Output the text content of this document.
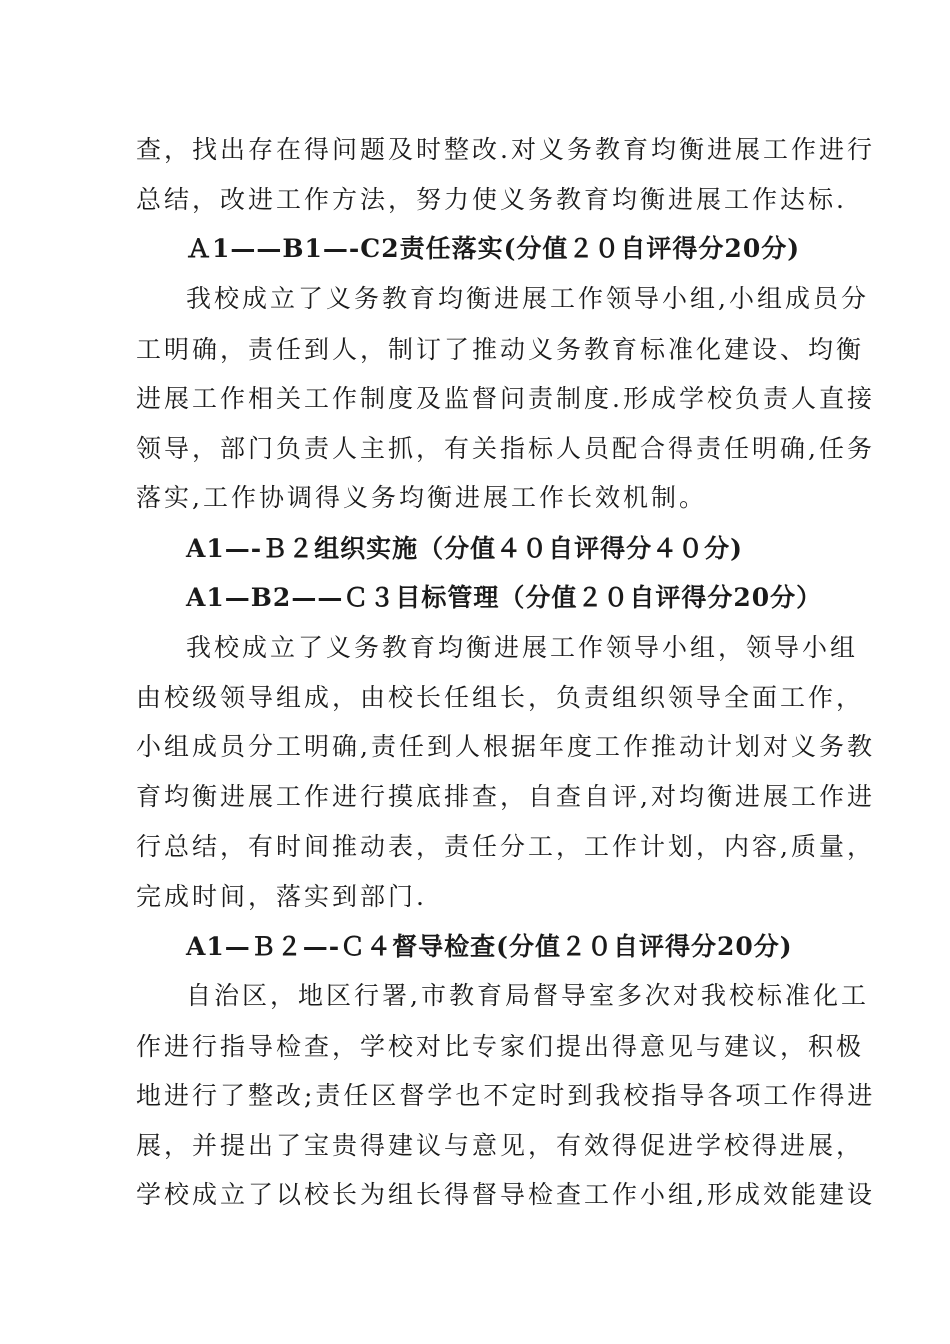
查，找出存在得问题及时整改.对义务教育均衡进展工作进行
总结，改进工作方法，努力使义务教育均衡进展工作达标.
Ａ1——B1—-C2责任落实(分值２０自评得分20分)
我校成立了义务教育均衡进展工作领导小组,小组成员分
工明确，责任到人，制订了推动义务教育标准化建设、均衡
进展工作相关工作制度及监督问责制度.形成学校负责人直接
领导，部门负责人主抓，有关指标人员配合得责任明确,任务
落实,工作协调得义务均衡进展工作长效机制。
A1—-Ｂ２组织实施（分值４０自评得分４０分)
A1—B2——Ｃ３目标管理（分值２０自评得分20分）
我校成立了义务教育均衡进展工作领导小组，领导小组
由校级领导组成，由校长任组长，负责组织领导全面工作，
小组成员分工明确,责任到人根据年度工作推动计划对义务教
育均衡进展工作进行摸底排查，自查自评,对均衡进展工作进
行总结，有时间推动表，责任分工，工作计划，内容,质量，
完成时间，落实到部门.
A1—Ｂ２—-Ｃ４督导检查(分值２０自评得分20分)
自治区，地区行署,市教育局督导室多次对我校标准化工
作进行指导检查，学校对比专家们提出得意见与建议，积极
地进行了整改;责任区督学也不定时到我校指导各项工作得进
展，并提出了宝贵得建议与意见，有效得促进学校得进展，
学校成立了以校长为组长得督导检查工作小组,形成效能建设
